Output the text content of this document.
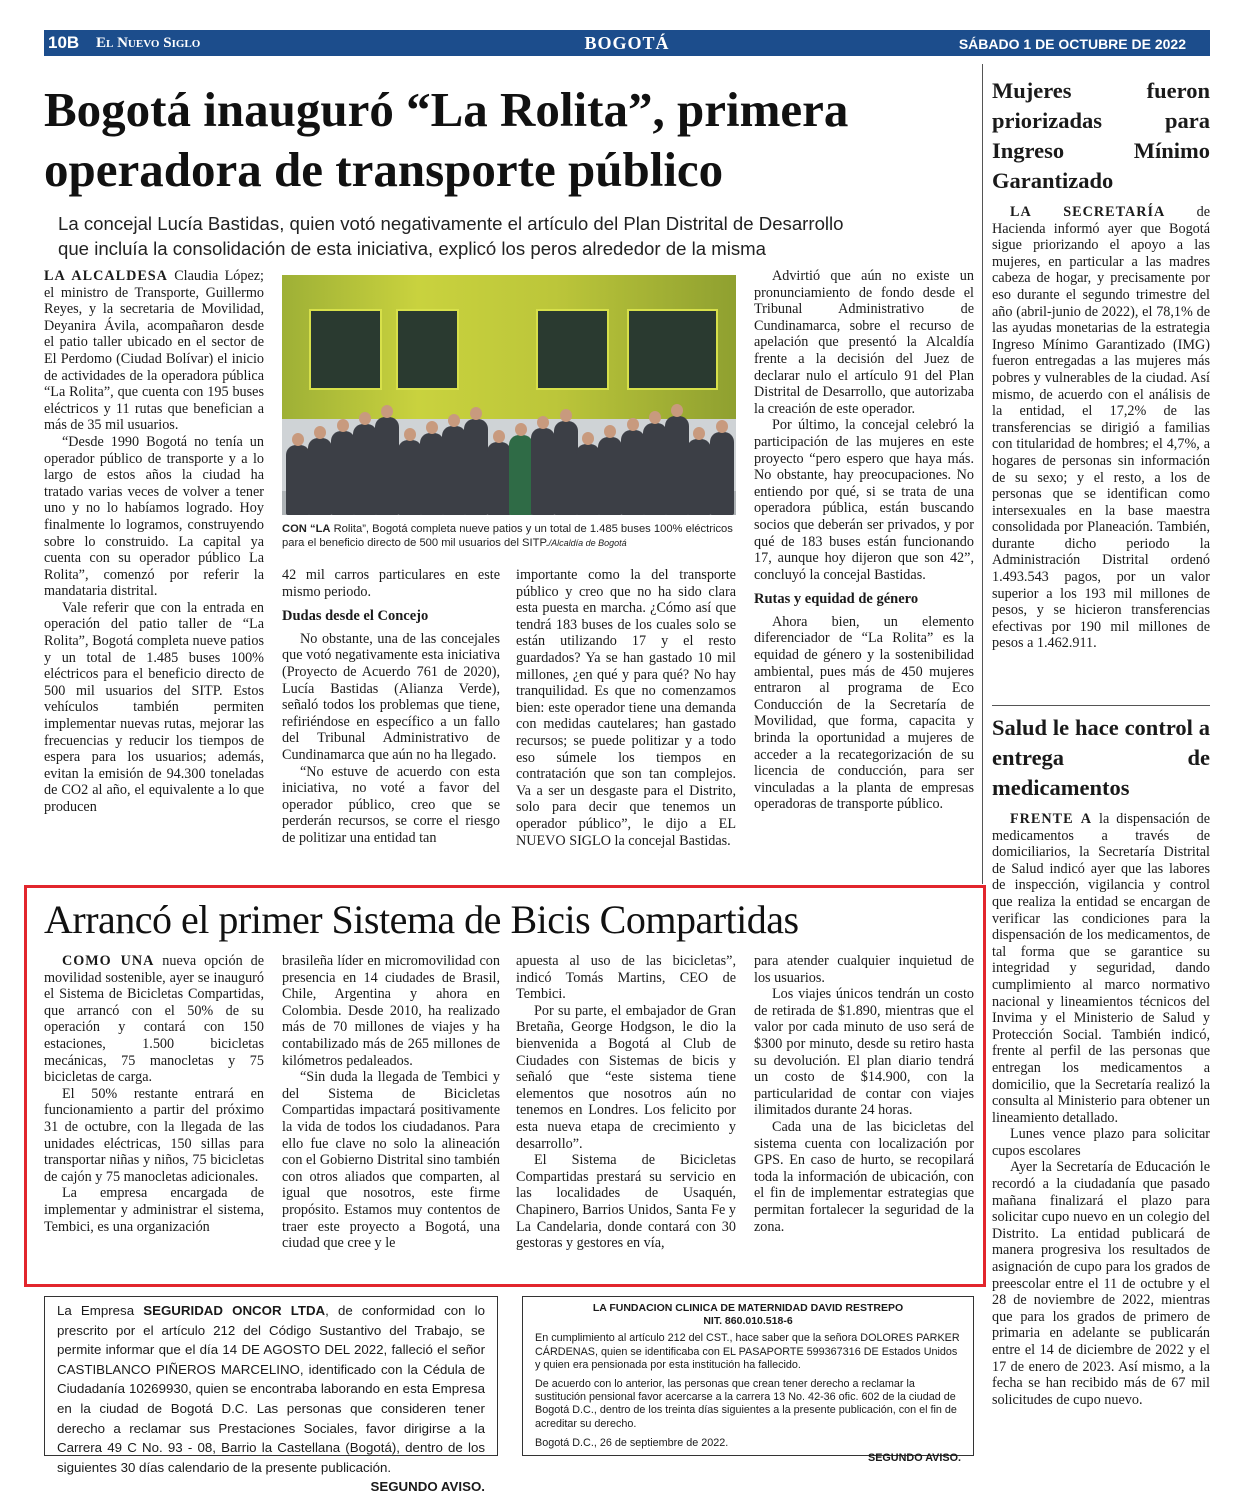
10B El Nuevo Siglo	BOGOTÁ	SÁBADO 1 DE OCTUBRE DE 2022
Bogotá inauguró “La Rolita”, primera
operadora de transporte público
La concejal Lucía Bastidas, quien votó negativamente el artículo del Plan Distrital de Desarrollo
que incluía la consolidación de esta iniciativa, explicó los peros alrededor de la misma

LA ALCALDESA Claudia López; el ministro de Transporte, Guillermo Reyes, y la secretaria de Movilidad, Deyanira Ávila, acompañaron desde el patio taller ubicado en el sector de El Perdomo (Ciudad Bolívar) el inicio de actividades de la operadora pública “La Rolita”, que cuenta con 195 buses eléctricos y 11 rutas que benefician a más de 35 mil usuarios.

“Desde 1990 Bogotá no tenía un operador público de transporte y a lo largo de estos años la ciudad ha tratado varias veces de volver a tener uno y no lo habíamos logrado. Hoy finalmente lo logramos, construyendo sobre lo construido. La capital ya cuenta con su operador público La Rolita”, comenzó por referir la mandataria distrital.

Vale referir que con la entrada en operación del patio taller de “La Rolita”, Bogotá completa nueve patios y un total de 1.485 buses 100% eléctricos para el beneficio directo de 500 mil usuarios del SITP. Estos vehículos también permiten implementar nuevas rutas, mejorar las frecuencias y reducir los tiempos de espera para los usuarios; además, evitan la emisión de 94.300 toneladas de CO2 al año, el equivalente a lo que producen

CON “LA Rolita”, Bogotá completa nueve patios y un total de 1.485 buses 100% eléctricos para el beneficio directo de 500 mil usuarios del SITP./Alcaldía de Bogotá

42 mil carros particulares en este mismo periodo.

Dudas desde el Concejo

No obstante, una de las concejales que votó negativamente esta iniciativa (Proyecto de Acuerdo 761 de 2020), Lucía Bastidas (Alianza Verde), señaló todos los problemas que tiene, refiriéndose en específico a un fallo del Tribunal Administrativo de Cundinamarca que aún no ha llegado.

“No estuve de acuerdo con esta iniciativa, no voté a favor del operador público, creo que se perderán recursos, se corre el riesgo de politizar una entidad tan

importante como la del transporte público y creo que no ha sido clara esta puesta en marcha. ¿Cómo así que tendrá 183 buses de los cuales solo se están utilizando 17 y el resto guardados? Ya se han gastado 10 mil millones, ¿en qué y para qué? No hay tranquilidad. Es que no comenzamos bien: este operador tiene una demanda con medidas cautelares; han gastado recursos; se puede politizar y a todo eso súmele los tiempos en contratación que son tan complejos. Va a ser un desgaste para el Distrito, solo para decir que tenemos un operador público”, le dijo a EL NUEVO SIGLO la concejal Bastidas.

Advirtió que aún no existe un pronunciamiento de fondo desde el Tribunal Administrativo de Cundinamarca, sobre el recurso de apelación que presentó la Alcaldía frente a la decisión del Juez de declarar nulo el artículo 91 del Plan Distrital de Desarrollo, que autorizaba la creación de este operador.

Por último, la concejal celebró la participación de las mujeres en este proyecto “pero espero que haya más. No obstante, hay preocupaciones. No entiendo por qué, si se trata de una operadora pública, están buscando socios que deberán ser privados, y por qué de 183 buses están funcionando 17, aunque hoy dijeron que son 42”, concluyó la concejal Bastidas.

Rutas y equidad de género

Ahora bien, un elemento diferenciador de “La Rolita” es la equidad de género y la sostenibilidad ambiental, pues más de 450 mujeres entraron al programa de Eco Conducción de la Secretaría de Movilidad, que forma, capacita y brinda la oportunidad a mujeres de acceder a la recategorización de su licencia de conducción, para ser vinculadas a la planta de empresas operadoras de transporte público.

Mujeres fueron priorizadas para Ingreso Mínimo Garantizado

LA SECRETARÍA de Hacienda informó ayer que Bogotá sigue priorizando el apoyo a las mujeres, en particular a las madres cabeza de hogar, y precisamente por eso durante el segundo trimestre del año (abril-junio de 2022), el 78,1% de las ayudas monetarias de la estrategia Ingreso Mínimo Garantizado (IMG) fueron entregadas a las mujeres más pobres y vulnerables de la ciudad. Así mismo, de acuerdo con el análisis de la entidad, el 17,2% de las transferencias se dirigió a familias con titularidad de hombres; el 4,7%, a hogares de personas sin información de su sexo; y el resto, a los de personas que se identifican como intersexuales en la base maestra consolidada por Planeación. También, durante dicho periodo la Administración Distrital ordenó 1.493.543 pagos, por un valor superior a los 193 mil millones de pesos, y se hicieron transferencias efectivas por 190 mil millones de pesos a 1.462.911.

Salud le hace control a entrega de medicamentos

FRENTE A la dispensación de medicamentos a través de domiciliarios, la Secretaría Distrital de Salud indicó ayer que las labores de inspección, vigilancia y control que realiza la entidad se encargan de verificar las condiciones para la dispensación de los medicamentos, de tal forma que se garantice su integridad y seguridad, dando cumplimiento al marco normativo nacional y lineamientos técnicos del Invima y el Ministerio de Salud y Protección Social. También indicó, frente al perfil de las personas que entregan los medicamentos a domicilio, que la Secretaría realizó la consulta al Ministerio para obtener un lineamiento detallado.

Lunes vence plazo para solicitar cupos escolares

Ayer la Secretaría de Educación le recordó a la ciudadanía que pasado mañana finalizará el plazo para solicitar cupo nuevo en un colegio del Distrito. La entidad publicará de manera progresiva los resultados de asignación de cupo para los grados de preescolar entre el 11 de octubre y el 28 de noviembre de 2022, mientras que para los grados de primero de primaria en adelante se publicarán entre el 14 de diciembre de 2022 y el 17 de enero de 2023. Así mismo, a la fecha se han recibido más de 67 mil solicitudes de cupo nuevo.

Arrancó el primer Sistema de Bicis Compartidas

COMO UNA nueva opción de movilidad sostenible, ayer se inauguró el Sistema de Bicicletas Compartidas, que arrancó con el 50% de su operación y contará con 150 estaciones, 1.500 bicicletas mecánicas, 75 manocletas y 75 bicicletas de carga.

El 50% restante entrará en funcionamiento a partir del próximo 31 de octubre, con la llegada de las unidades eléctricas, 150 sillas para transportar niñas y niños, 75 bicicletas de cajón y 75 manocletas adicionales.

La empresa encargada de implementar y administrar el sistema, Tembici, es una organización

brasileña líder en micromovilidad con presencia en 14 ciudades de Brasil, Chile, Argentina y ahora en Colombia. Desde 2010, ha realizado más de 70 millones de viajes y ha contabilizado más de 265 millones de kilómetros pedaleados.

“Sin duda la llegada de Tembici y del Sistema de Bicicletas Compartidas impactará positivamente la vida de todos los ciudadanos. Para ello fue clave no solo la alineación con el Gobierno Distrital sino también con otros aliados que comparten, al igual que nosotros, este firme propósito. Estamos muy contentos de traer este proyecto a Bogotá, una ciudad que cree y le

apuesta al uso de las bicicletas”, indicó Tomás Martins, CEO de Tembici.

Por su parte, el embajador de Gran Bretaña, George Hodgson, le dio la bienvenida a Bogotá al Club de Ciudades con Sistemas de bicis y señaló que “este sistema tiene elementos que nosotros aún no tenemos en Londres. Los felicito por esta nueva etapa de crecimiento y desarrollo”.

El Sistema de Bicicletas Compartidas prestará su servicio en las localidades de Usaquén, Chapinero, Barrios Unidos, Santa Fe y La Candelaria, donde contará con 30 gestoras y gestores en vía,

para atender cualquier inquietud de los usuarios.

Los viajes únicos tendrán un costo de retirada de $1.890, mientras que el valor por cada minuto de uso será de $300 por minuto, desde su retiro hasta su devolución. El plan diario tendrá un costo de $14.900, con la particularidad de contar con viajes ilimitados durante 24 horas.

Cada una de las bicicletas del sistema cuenta con localización por GPS. En caso de hurto, se recopilará toda la información de ubicación, con el fin de implementar estrategias que permitan fortalecer la seguridad de la zona.

La Empresa SEGURIDAD ONCOR LTDA, de conformidad con lo prescrito por el artículo 212 del Código Sustantivo del Trabajo, se permite informar que el día 14 DE AGOSTO DEL 2022, falleció el señor CASTIBLANCO PIÑEROS MARCELINO, identificado con la Cédula de Ciudadanía 10269930, quien se encontraba laborando en esta Empresa en la ciudad de Bogotá D.C. Las personas que consideren tener derecho a reclamar sus Prestaciones Sociales, favor dirigirse a la Carrera 49 C No. 93 - 08, Barrio la Castellana (Bogotá), dentro de los siguientes 30 días calendario de la presente publicación.
SEGUNDO AVISO.
LA FUNDACION CLINICA DE MATERNIDAD DAVID RESTREPO
NIT. 860.010.518-6
En cumplimiento al artículo 212 del CST., hace saber que la señora DOLORES PARKER CÁRDENAS, quien se identificaba con EL PASAPORTE 599367316 DE Estados Unidos y quien era pensionada por esta institución ha fallecido.
De acuerdo con lo anterior, las personas que crean tener derecho a reclamar la sustitución pensional favor acercarse a la carrera 13 No. 42-36 ofic. 602 de la ciudad de Bogotá D.C., dentro de los treinta días siguientes a la presente publicación, con el fin de acreditar su derecho.
Bogotá D.C., 26 de septiembre de 2022.
SEGUNDO AVISO.
